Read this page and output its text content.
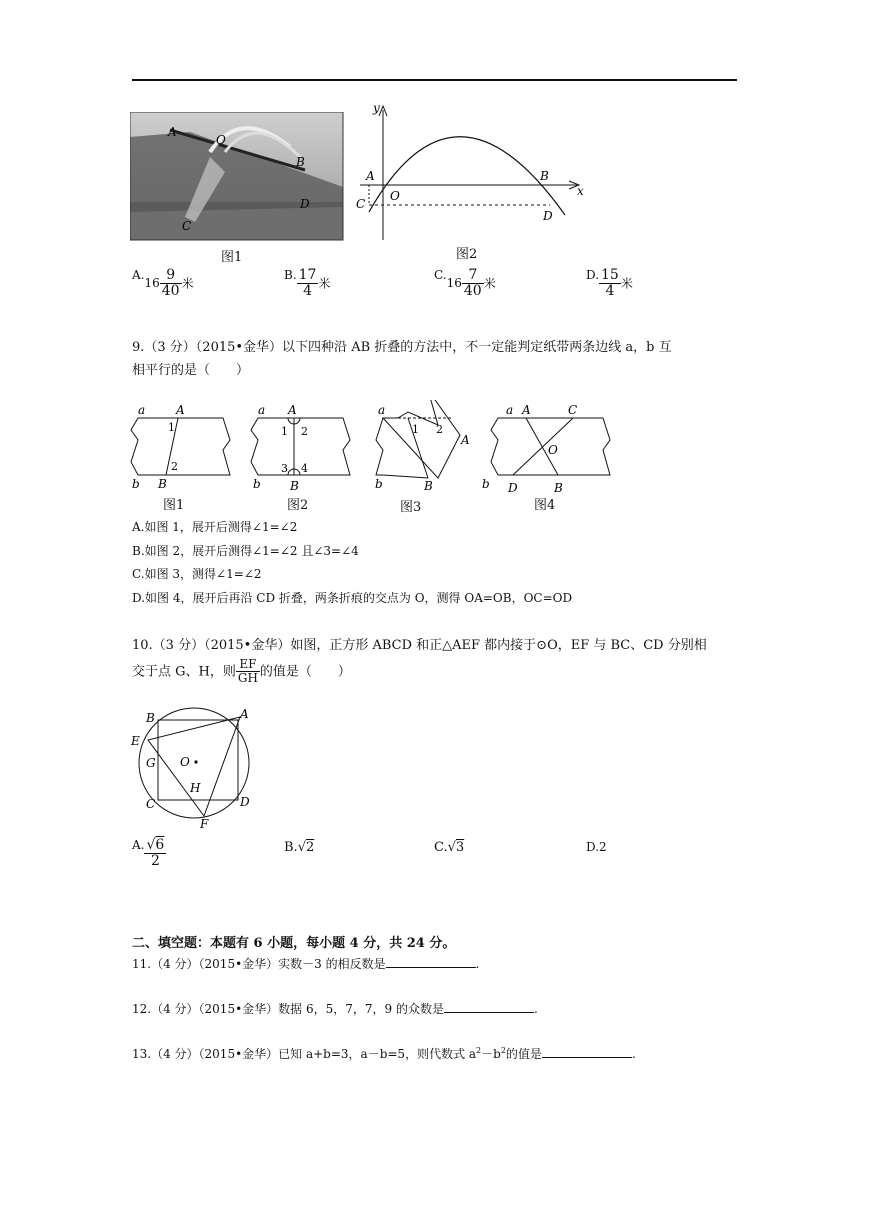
A
O
B
C
D
图1
y
x
A
O
B
C
D
图2
$A.16 \frac{9}{40}$ 米
B. $\frac{17}{4}$ 米
$C.16 \frac{7}{40}$ 米
D. $\frac{15}{4}$ 米
9.（3 分）（2015•金华）以下四种沿 AB 折叠的方法中，不一定能判定纸带两条边线 a，b 互
相平行的是（　　）
a	A
1
2
b B
a A
1 2
3 4
b B
a
A
1 2
b	B
a A	C
O
b D	B
图1	图2	图3	图4
A.如图 1，展开后测得∠1=∠2
B.如图 2，展开后测得∠1=∠2 且∠3=∠4
C.如图 3，测得∠1=∠2
D.如图 4，展开后再沿 CD 折叠，两条折痕的交点为 O，测得 OA=OB，OC=OD
10.（3 分）（2015•金华）如图，正方形 ABCD 和正△AEF 都内接于⊙O，EF 与 BC、CD 分别相
交于点 G、H，则 $\frac{EF}{GH}$ 的值是（　　）
B	A
E
G O
H
C	D
F
A. $\frac{√6}{2}$	B.√2	C.√3	D.2
二、填空题：本题有 6 小题，每小题 4 分，共 24 分。
11.（4 分）（2015•金华）实数－3 的相反数是	.
12.（4 分）（2015•金华）数据 6，5，7，7，9 的众数是	.
13.（4 分）（2015•金华）已知 a+b=3，a－b=5，则代数式 $a^2-b^2$的值是	.
